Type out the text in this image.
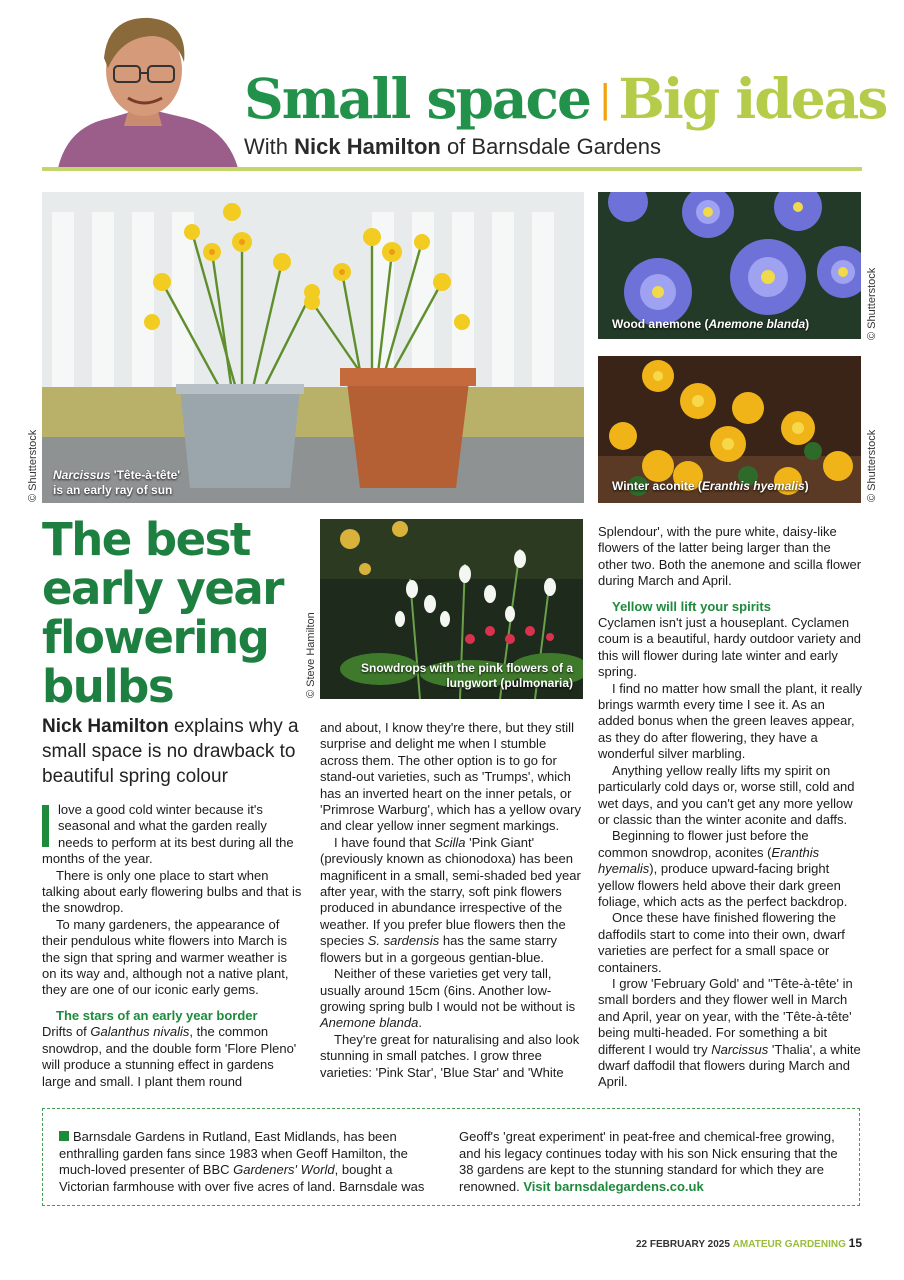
Small space | Big ideas
With Nick Hamilton of Barnsdale Gardens
Narcissus 'Tête-à-tête'
is an early ray of sun
© Shutterstock
Wood anemone (Anemone blanda)	© Shutterstock
Winter aconite (Eranthis hyemalis)	© Shutterstock
Snowdrops with the pink flowers of a
lungwort (pulmonaria)
© Steve Hamilton
The best
early year
flowering
bulbs
Nick Hamilton explains why a small space is no drawback to beautiful spring colour

love a good cold winter because it's seasonal and what the garden really needs to perform at its best during all the months of the year.

There is only one place to start when talking about early flowering bulbs and that is the snowdrop.

To many gardeners, the appearance of their pendulous white flowers into March is the sign that spring and warmer weather is on its way and, although not a native plant, they are one of our iconic early gems.

The stars of an early year border

Drifts of Galanthus nivalis, the common snowdrop, and the double form 'Flore Pleno' will produce a stunning effect in gardens large and small. I plant them round

and about, I know they're there, but they still surprise and delight me when I stumble across them. The other option is to go for stand-out varieties, such as 'Trumps', which has an inverted heart on the inner petals, or 'Primrose Warburg', which has a yellow ovary and clear yellow inner segment markings.

I have found that Scilla 'Pink Giant' (previously known as chionodoxa) has been magnificent in a small, semi-shaded bed year after year, with the starry, soft pink flowers produced in abundance irrespective of the weather. If you prefer blue flowers then the species S. sardensis has the same starry flowers but in a gorgeous gentian-blue.

Neither of these varieties get very tall, usually around 15cm (6ins. Another low-growing spring bulb I would not be without is Anemone blanda.

They're great for naturalising and also look stunning in small patches. I grow three varieties: 'Pink Star', 'Blue Star' and 'White

Splendour', with the pure white, daisy-like flowers of the latter being larger than the other two. Both the anemone and scilla flower during March and April.

Yellow will lift your spirits

Cyclamen isn't just a houseplant. Cyclamen coum is a beautiful, hardy outdoor variety and this will flower during late winter and early spring.

I find no matter how small the plant, it really brings warmth every time I see it. As an added bonus when the green leaves appear, as they do after flowering, they have a wonderful silver marbling.

Anything yellow really lifts my spirit on particularly cold days or, worse still, cold and wet days, and you can't get any more yellow or classic than the winter aconite and daffs.

Beginning to flower just before the common snowdrop, aconites (Eranthis hyemalis), produce upward-facing bright yellow flowers held above their dark green foliage, which acts as the perfect backdrop.

Once these have finished flowering the daffodils start to come into their own, dwarf varieties are perfect for a small space or containers.

I grow 'February Gold' and ''Tête-à-tête' in small borders and they flower well in March and April, year on year, with the 'Tête-à-tête' being multi-headed. For something a bit different I would try Narcissus 'Thalia', a white dwarf daffodil that flowers during March and April.

Barnsdale Gardens in Rutland, East Midlands, has been enthralling garden fans since 1983 when Geoff Hamilton, the much-loved presenter of BBC Gardeners' World, bought a Victorian farmhouse with over five acres of land. Barnsdale was
Geoff's 'great experiment' in peat-free and chemical-free growing, and his legacy continues today with his son Nick ensuring that the 38 gardens are kept to the stunning standard for which they are renowned. Visit barnsdalegardens.co.uk
22 FEBRUARY 2025 AMATEUR GARDENING 15
